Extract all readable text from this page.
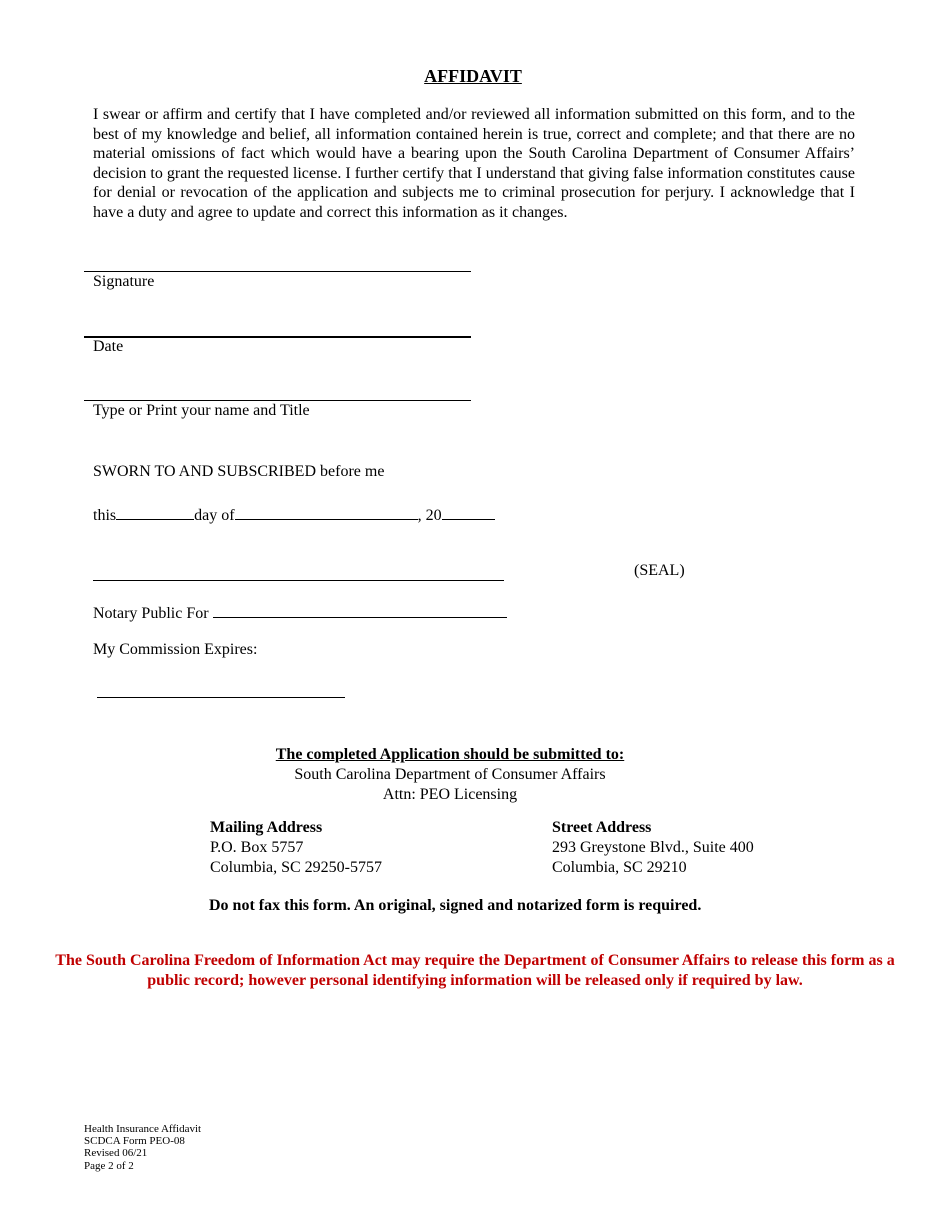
AFFIDAVIT
I swear or affirm and certify that I have completed and/or reviewed all information submitted on this form, and to the best of my knowledge and belief, all information contained herein is true, correct and complete; and that there are no material omissions of fact which would have a bearing upon the South Carolina Department of Consumer Affairs’ decision to grant the requested license. I further certify that I understand that giving false information constitutes cause for denial or revocation of the application and subjects me to criminal prosecution for perjury. I acknowledge that I have a duty and agree to update and correct this information as it changes.
Signature
Date
Type or Print your name and Title
SWORN TO AND SUBSCRIBED before me
this	day of	, 20
(SEAL)
Notary Public For
My Commission Expires:
The completed Application should be submitted to:
South Carolina Department of Consumer Affairs
Attn: PEO Licensing
Mailing Address
P.O. Box 5757
Columbia, SC 29250-5757
Street Address
293 Greystone Blvd., Suite 400
Columbia, SC 29210
Do not fax this form. An original, signed and notarized form is required.
The South Carolina Freedom of Information Act may require the Department of Consumer Affairs to release this form as a public record; however personal identifying information will be released only if required by law.
Health Insurance Affidavit
SCDCA Form PEO-08
Revised 06/21
Page 2 of 2
